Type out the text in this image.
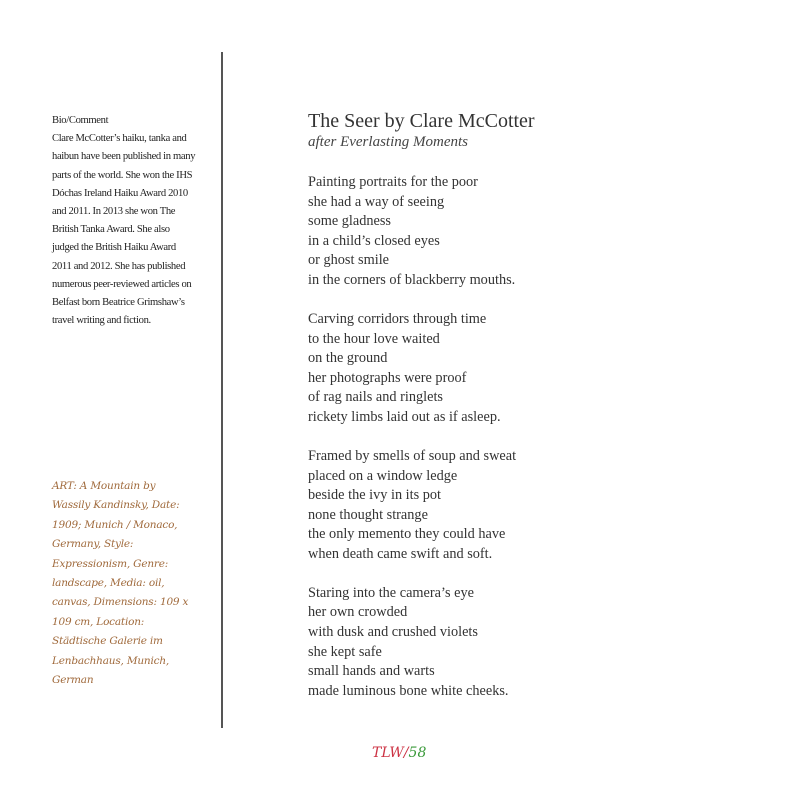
Bio/Comment
Clare McCotter’s haiku, tanka and
haibun have been published in many
parts of the world. She won the IHS
Dóchas Ireland Haiku Award 2010
and 2011. In 2013 she won The
British Tanka Award. She also
judged the British Haiku Award
2011 and 2012. She has published
numerous peer-reviewed articles on
Belfast born Beatrice Grimshaw’s
travel writing and fiction.
ART: A Mountain by
Wassily Kandinsky, Date:
1909; Munich / Monaco,
Germany, Style:
Expressionism, Genre:
landscape, Media: oil,
canvas, Dimensions: 109 x
109 cm, Location:
Städtische Galerie im
Lenbachhaus, Munich,
German
The Seer by Clare McCotter
after Everlasting Moments
Painting portraits for the poor
she had a way of seeing
some gladness
in a child’s closed eyes
or ghost smile
in the corners of blackberry mouths.
Carving corridors through time
to the hour love waited
on the ground
her photographs were proof
of rag nails and ringlets
rickety limbs laid out as if asleep.
Framed by smells of soup and sweat
placed on a window ledge
beside the ivy in its pot
none thought strange
the only memento they could have
when death came swift and soft.
Staring into the camera’s eye
her own crowded
with dusk and crushed violets
she kept safe
small hands and warts
made luminous bone white cheeks.
TLW/58
